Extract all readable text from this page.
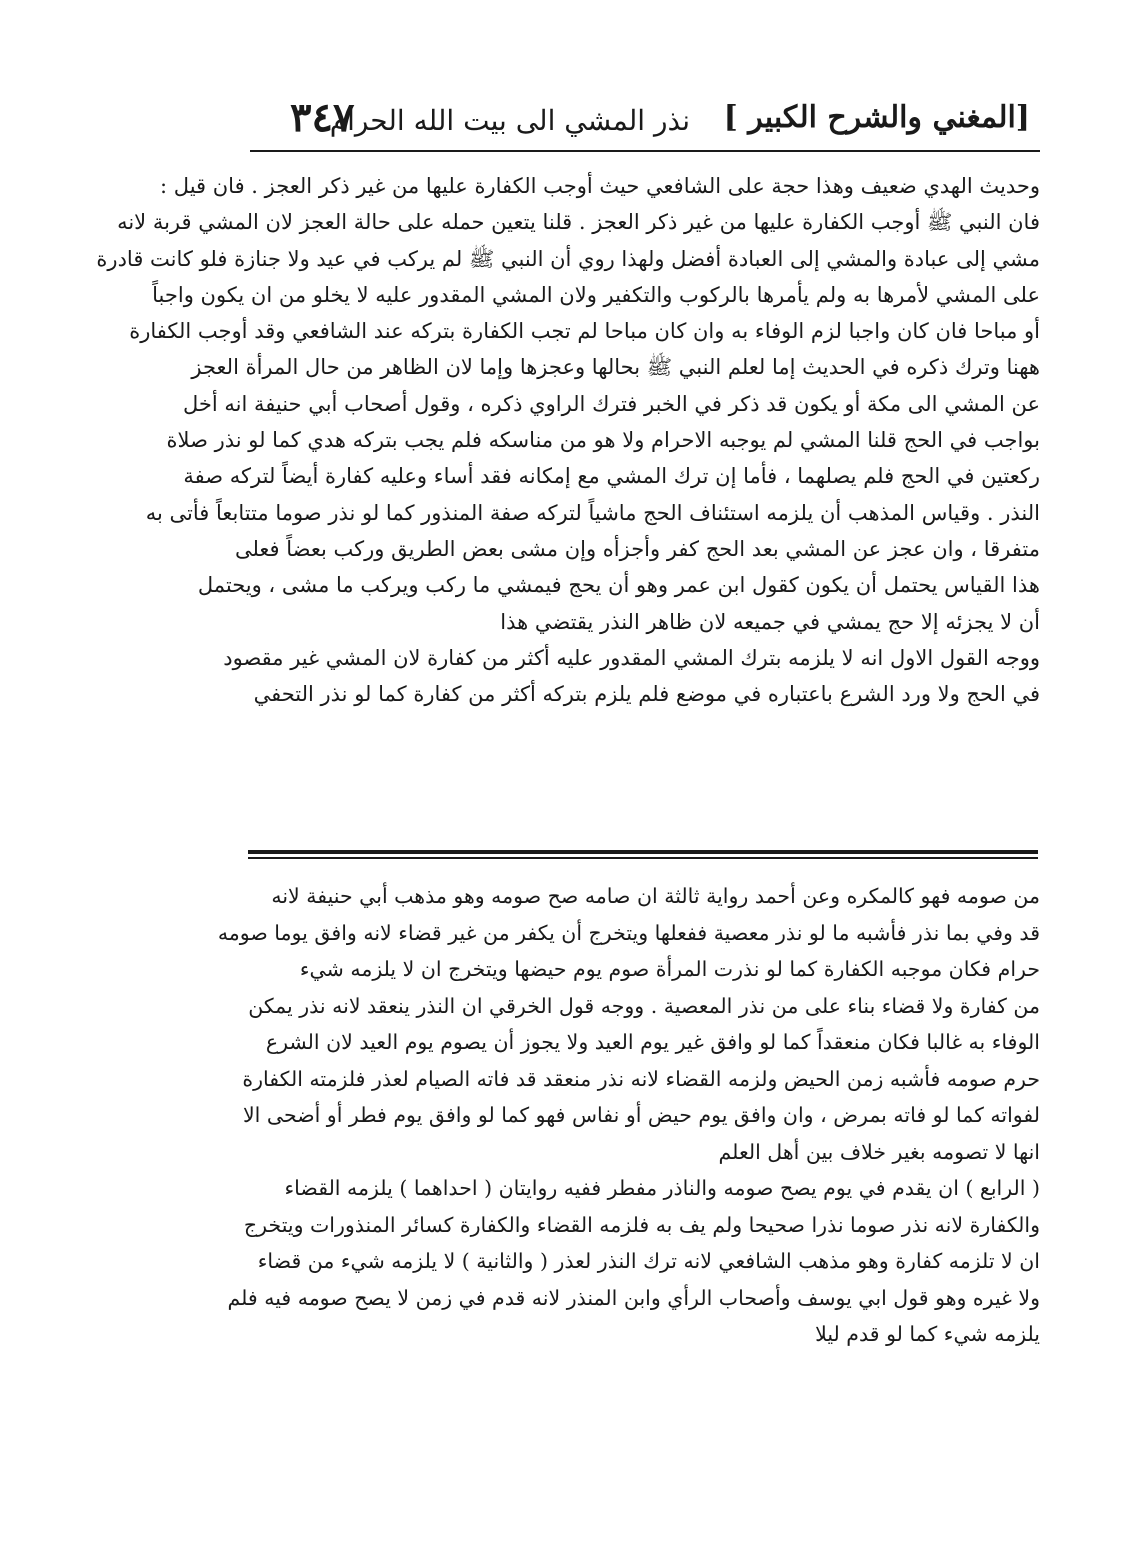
[المغني والشرح الكبير ]
نذر المشي الى بيت الله الحرام
٣٤٧
وحديث الهدي ضعيف وهذا حجة على الشافعي حيث أوجب الكفارة عليها من غير ذكر العجز . فان قيل :
فان النبي ﷺ أوجب الكفارة عليها من غير ذكر العجز . قلنا يتعين حمله على حالة العجز لان المشي قربة لانه
مشي إلى عبادة والمشي إلى العبادة أفضل ولهذا روي أن النبي ﷺ لم يركب في عيد ولا جنازة فلو كانت قادرة
على المشي لأمرها به ولم يأمرها بالركوب والتكفير ولان المشي المقدور عليه لا يخلو من ان يكون واجباً
أو مباحا فان كان واجبا لزم الوفاء به وان كان مباحا لم تجب الكفارة بتركه عند الشافعي وقد أوجب الكفارة
ههنا وترك ذكره في الحديث إما لعلم النبي ﷺ بحالها وعجزها وإما لان الظاهر من حال المرأة العجز
عن المشي الى مكة أو يكون قد ذكر في الخبر فترك الراوي ذكره ، وقول أصحاب أبي حنيفة انه أخل
بواجب في الحج قلنا المشي لم يوجبه الاحرام ولا هو من مناسكه فلم يجب بتركه هدي كما لو نذر صلاة
ركعتين في الحج فلم يصلهما ، فأما إن ترك المشي مع إمكانه فقد أساء وعليه كفارة أيضاً لتركه صفة
النذر . وقياس المذهب أن يلزمه استئناف الحج ماشياً لتركه صفة المنذور كما لو نذر صوما متتابعاً فأتى به
متفرقا ، وان عجز عن المشي بعد الحج كفر وأجزأه وإن مشى بعض الطريق وركب بعضاً فعلى
هذا القياس يحتمل أن يكون كقول ابن عمر وهو أن يحج فيمشي ما ركب ويركب ما مشى ، ويحتمل
أن لا يجزئه إلا حج يمشي في جميعه لان ظاهر النذر يقتضي هذا
ووجه القول الاول انه لا يلزمه بترك المشي المقدور عليه أكثر من كفارة لان المشي غير مقصود
في الحج ولا ورد الشرع باعتباره في موضع فلم يلزم بتركه أكثر من كفارة كما لو نذر التحفي
من صومه فهو كالمكره وعن أحمد رواية ثالثة ان صامه صح صومه وهو مذهب أبي حنيفة لانه
قد وفي بما نذر فأشبه ما لو نذر معصية ففعلها ويتخرج أن يكفر من غير قضاء لانه وافق يوما صومه
حرام فكان موجبه الكفارة كما لو نذرت المرأة صوم يوم حيضها ويتخرج ان لا يلزمه شيء
من كفارة ولا قضاء بناء على من نذر المعصية . ووجه قول الخرقي ان النذر ينعقد لانه نذر يمكن
الوفاء به غالبا فكان منعقداً كما لو وافق غير يوم العيد ولا يجوز أن يصوم يوم العيد لان الشرع
حرم صومه فأشبه زمن الحيض ولزمه القضاء لانه نذر منعقد قد فاته الصيام لعذر فلزمته الكفارة
لفواته كما لو فاته بمرض ، وان وافق يوم حيض أو نفاس فهو كما لو وافق يوم فطر أو أضحى الا
انها لا تصومه بغير خلاف بين أهل العلم
( الرابع ) ان يقدم في يوم يصح صومه والناذر مفطر ففيه روايتان ( احداهما ) يلزمه القضاء
والكفارة لانه نذر صوما نذرا صحيحا ولم يف به فلزمه القضاء والكفارة كسائر المنذورات ويتخرج
ان لا تلزمه كفارة وهو مذهب الشافعي لانه ترك النذر لعذر ( والثانية ) لا يلزمه شيء من قضاء
ولا غيره وهو قول ابي يوسف وأصحاب الرأي وابن المنذر لانه قدم في زمن لا يصح صومه فيه فلم
يلزمه شيء كما لو قدم ليلا
